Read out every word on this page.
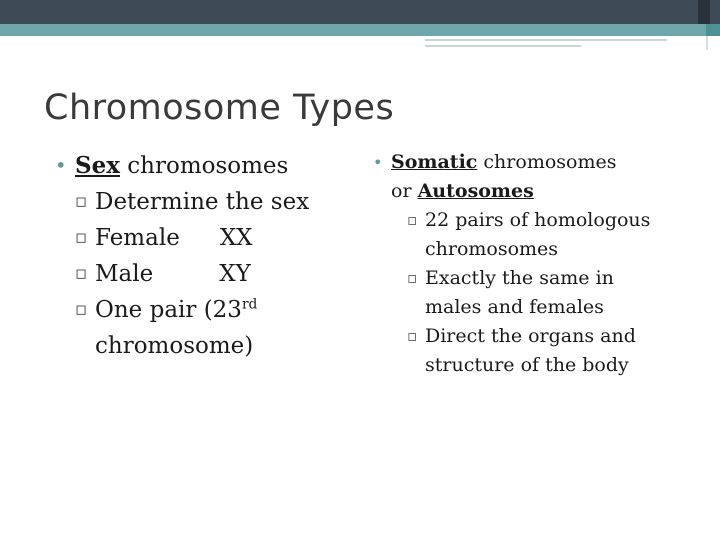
Chromosome Types
• Sex chromosomes
▫ Determine the sex
▫ Female XX
▫ Male	XY
▫ One pair (23rd
chromosome)
• Somatic chromosomes
or Autosomes
▫ 22 pairs of homologous
chromosomes
▫ Exactly the same in
males and females
▫ Direct the organs and
structure of the body
